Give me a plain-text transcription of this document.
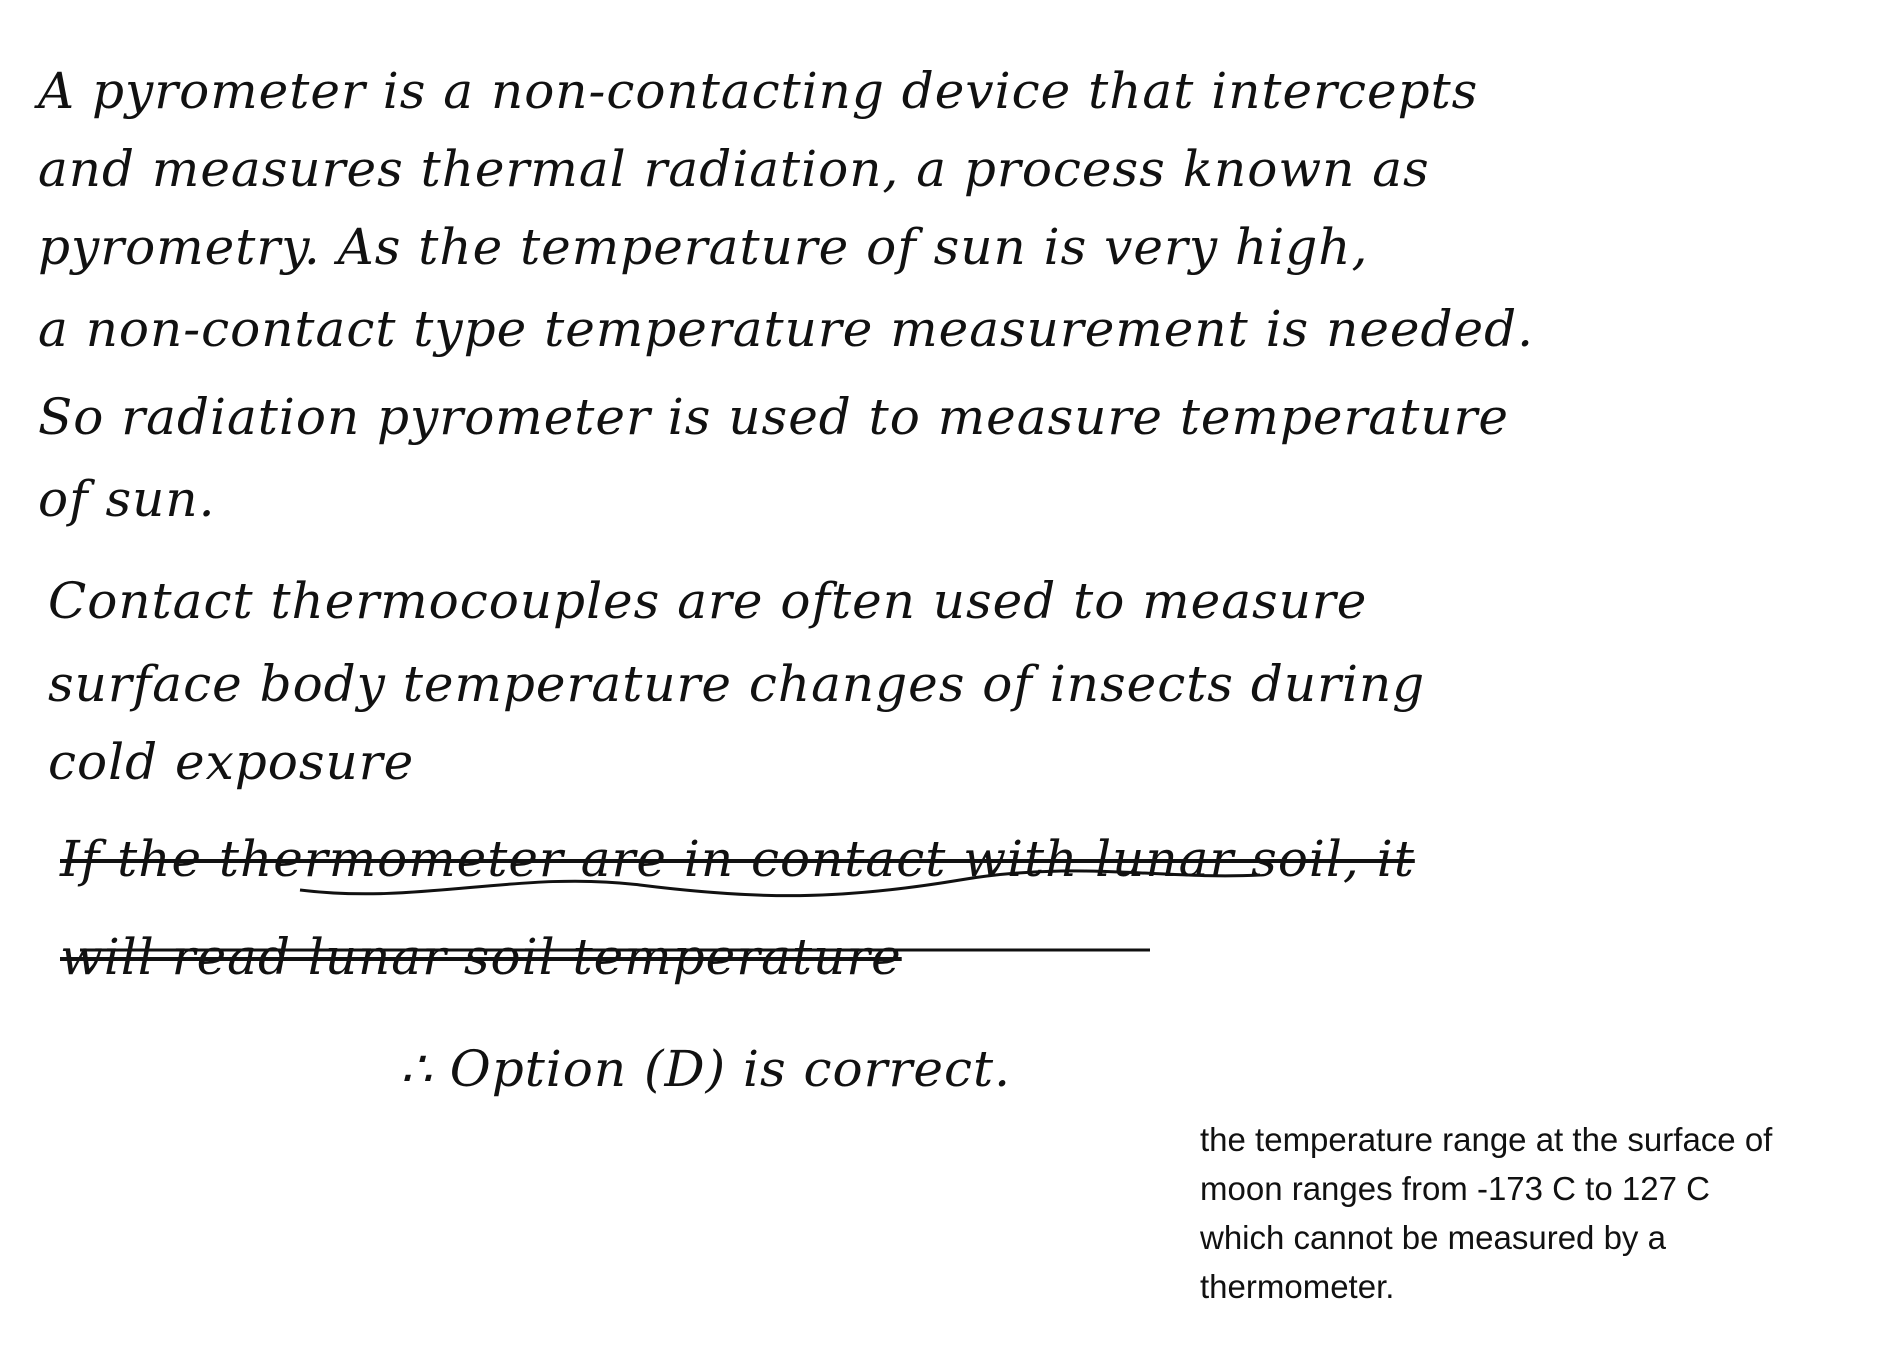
A pyrometer is a non-contacting device that intercepts
and measures thermal radiation, a process known as
pyrometry. As the temperature of sun is very high,
a non-contact type temperature measurement is needed.
So radiation pyrometer is used to measure temperature
of sun.
Contact thermocouples are often used to measure
surface body temperature changes of insects during
cold exposure
If the thermometer are in contact with lunar soil, it
will read lunar soil temperature
∴ Option (D) is correct.
the temperature range at the surface of
moon ranges from -173 C to 127 C
which cannot be measured by a
thermometer.
